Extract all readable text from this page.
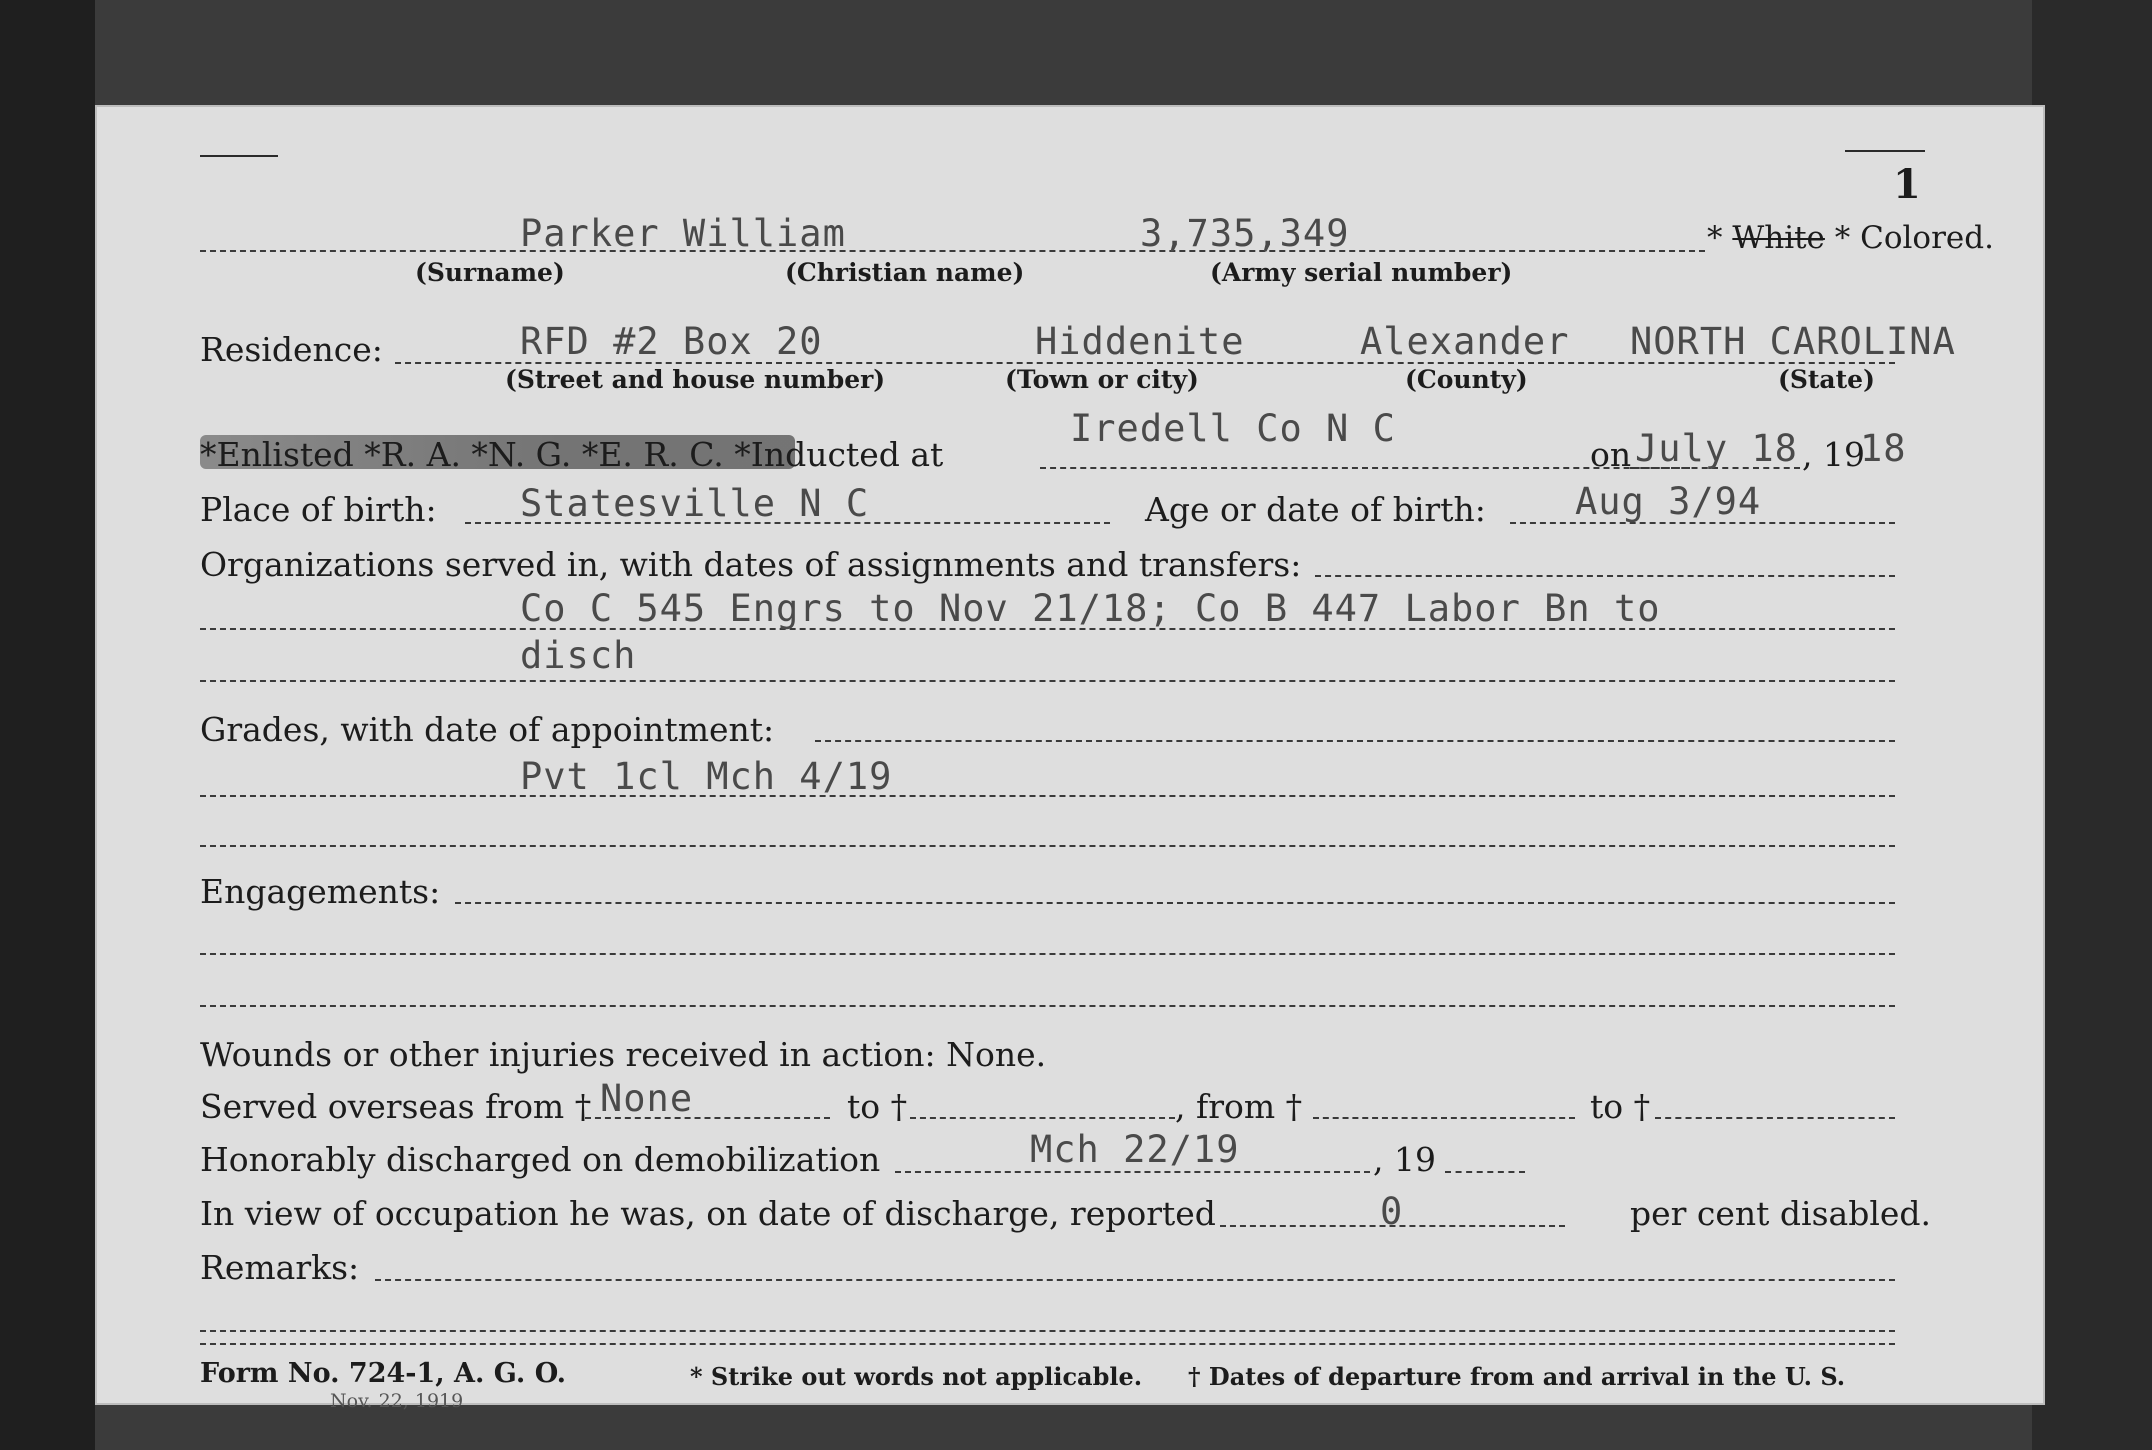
1
Parker William	3,735,349	* White * Colored.
(Surname)	(Christian name)	(Army serial number)
Residence:	RFD #2 Box 20	Hiddenite	Alexander NORTH CAROLINA
(Street and house number)	(Town or city)	(County)	(State)
*Enlisted *R. A. *N. G. *E. R. C. *Inducted at
Iredell Co N C
on July 18 , 19
18
Place of birth: Statesville N C	Age or date of birth: Aug 3/94
Organizations served in, with dates of assignments and transfers:
Co C 545 Engrs to Nov 21/18; Co B 447 Labor Bn to
disch
Grades, with date of appointment:
Pvt 1cl Mch 4/19
Engagements:
Wounds or other injuries received in action: None.
Served overseas from † None	to †	, from †	to †
Honorably discharged on demobilization	Mch 22/19	, 19
In view of occupation he was, on date of discharge, reported	0	per cent disabled.
Remarks:
Form No. 724-1, A. G. O.
Nov. 22, 1919
* Strike out words not applicable. † Dates of departure from and arrival in the U. S.
